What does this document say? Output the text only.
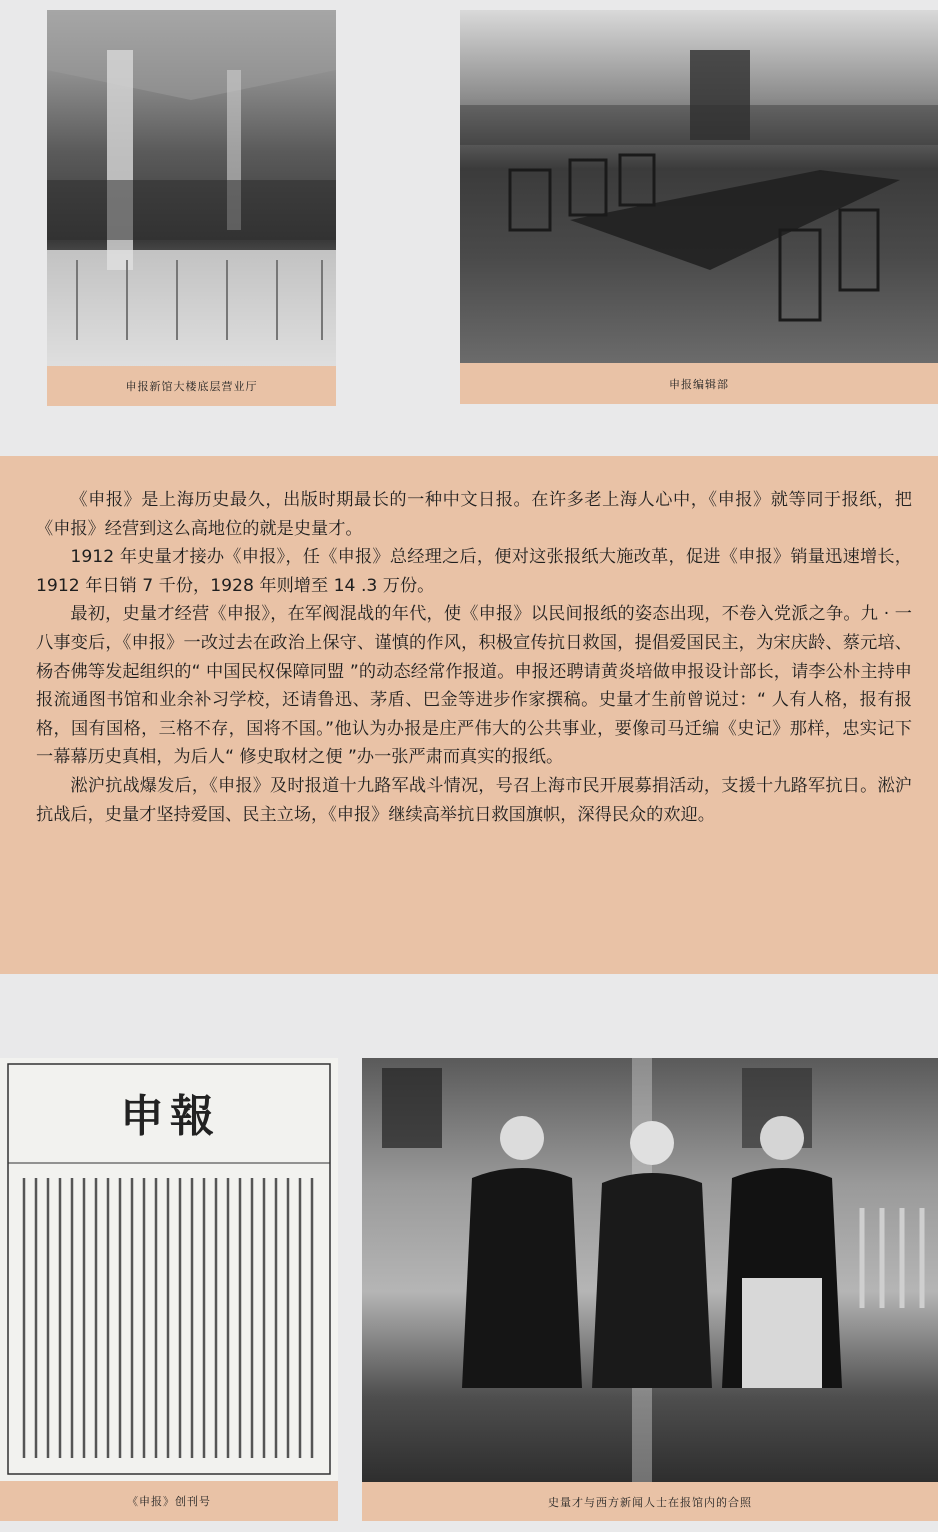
申报新馆大楼底层营业厅	申报编辑部

《申报》是上海历史最久，出版时期最长的一种中文日报。在许多老上海人心中，《申报》就等同于报纸，把《申报》经营到这么高地位的就是史量才。

1912 年史量才接办《申报》，任《申报》总经理之后，便对这张报纸大施改革，促进《申报》销量迅速增长，1912 年日销 7 千份，1928 年则增至 14 .3 万份。

最初，史量才经营《申报》，在军阀混战的年代，使《申报》以民间报纸的姿态出现，不卷入党派之争。九 · 一八事变后，《申报》一改过去在政治上保守、谨慎的作风，积极宣传抗日救国，提倡爱国民主，为宋庆龄、蔡元培、杨杏佛等发起组织的“ 中国民权保障同盟 ”的动态经常作报道。申报还聘请黄炎培做申报设计部长，请李公朴主持申报流通图书馆和业余补习学校，还请鲁迅、茅盾、巴金等进步作家撰稿。史量才生前曾说过：“ 人有人格，报有报格，国有国格，三格不存，国将不国。”他认为办报是庄严伟大的公共事业，要像司马迁编《史记》那样，忠实记下一幕幕历史真相，为后人“ 修史取材之便 ”办一张严肃而真实的报纸。

淞沪抗战爆发后，《申报》及时报道十九路军战斗情况，号召上海市民开展募捐活动，支援十九路军抗日。淞沪抗战后，史量才坚持爱国、民主立场，《申报》继续高举抗日救国旗帜，深得民众的欢迎。

申報
《申报》创刊号	史量才与西方新闻人士在报馆内的合照
